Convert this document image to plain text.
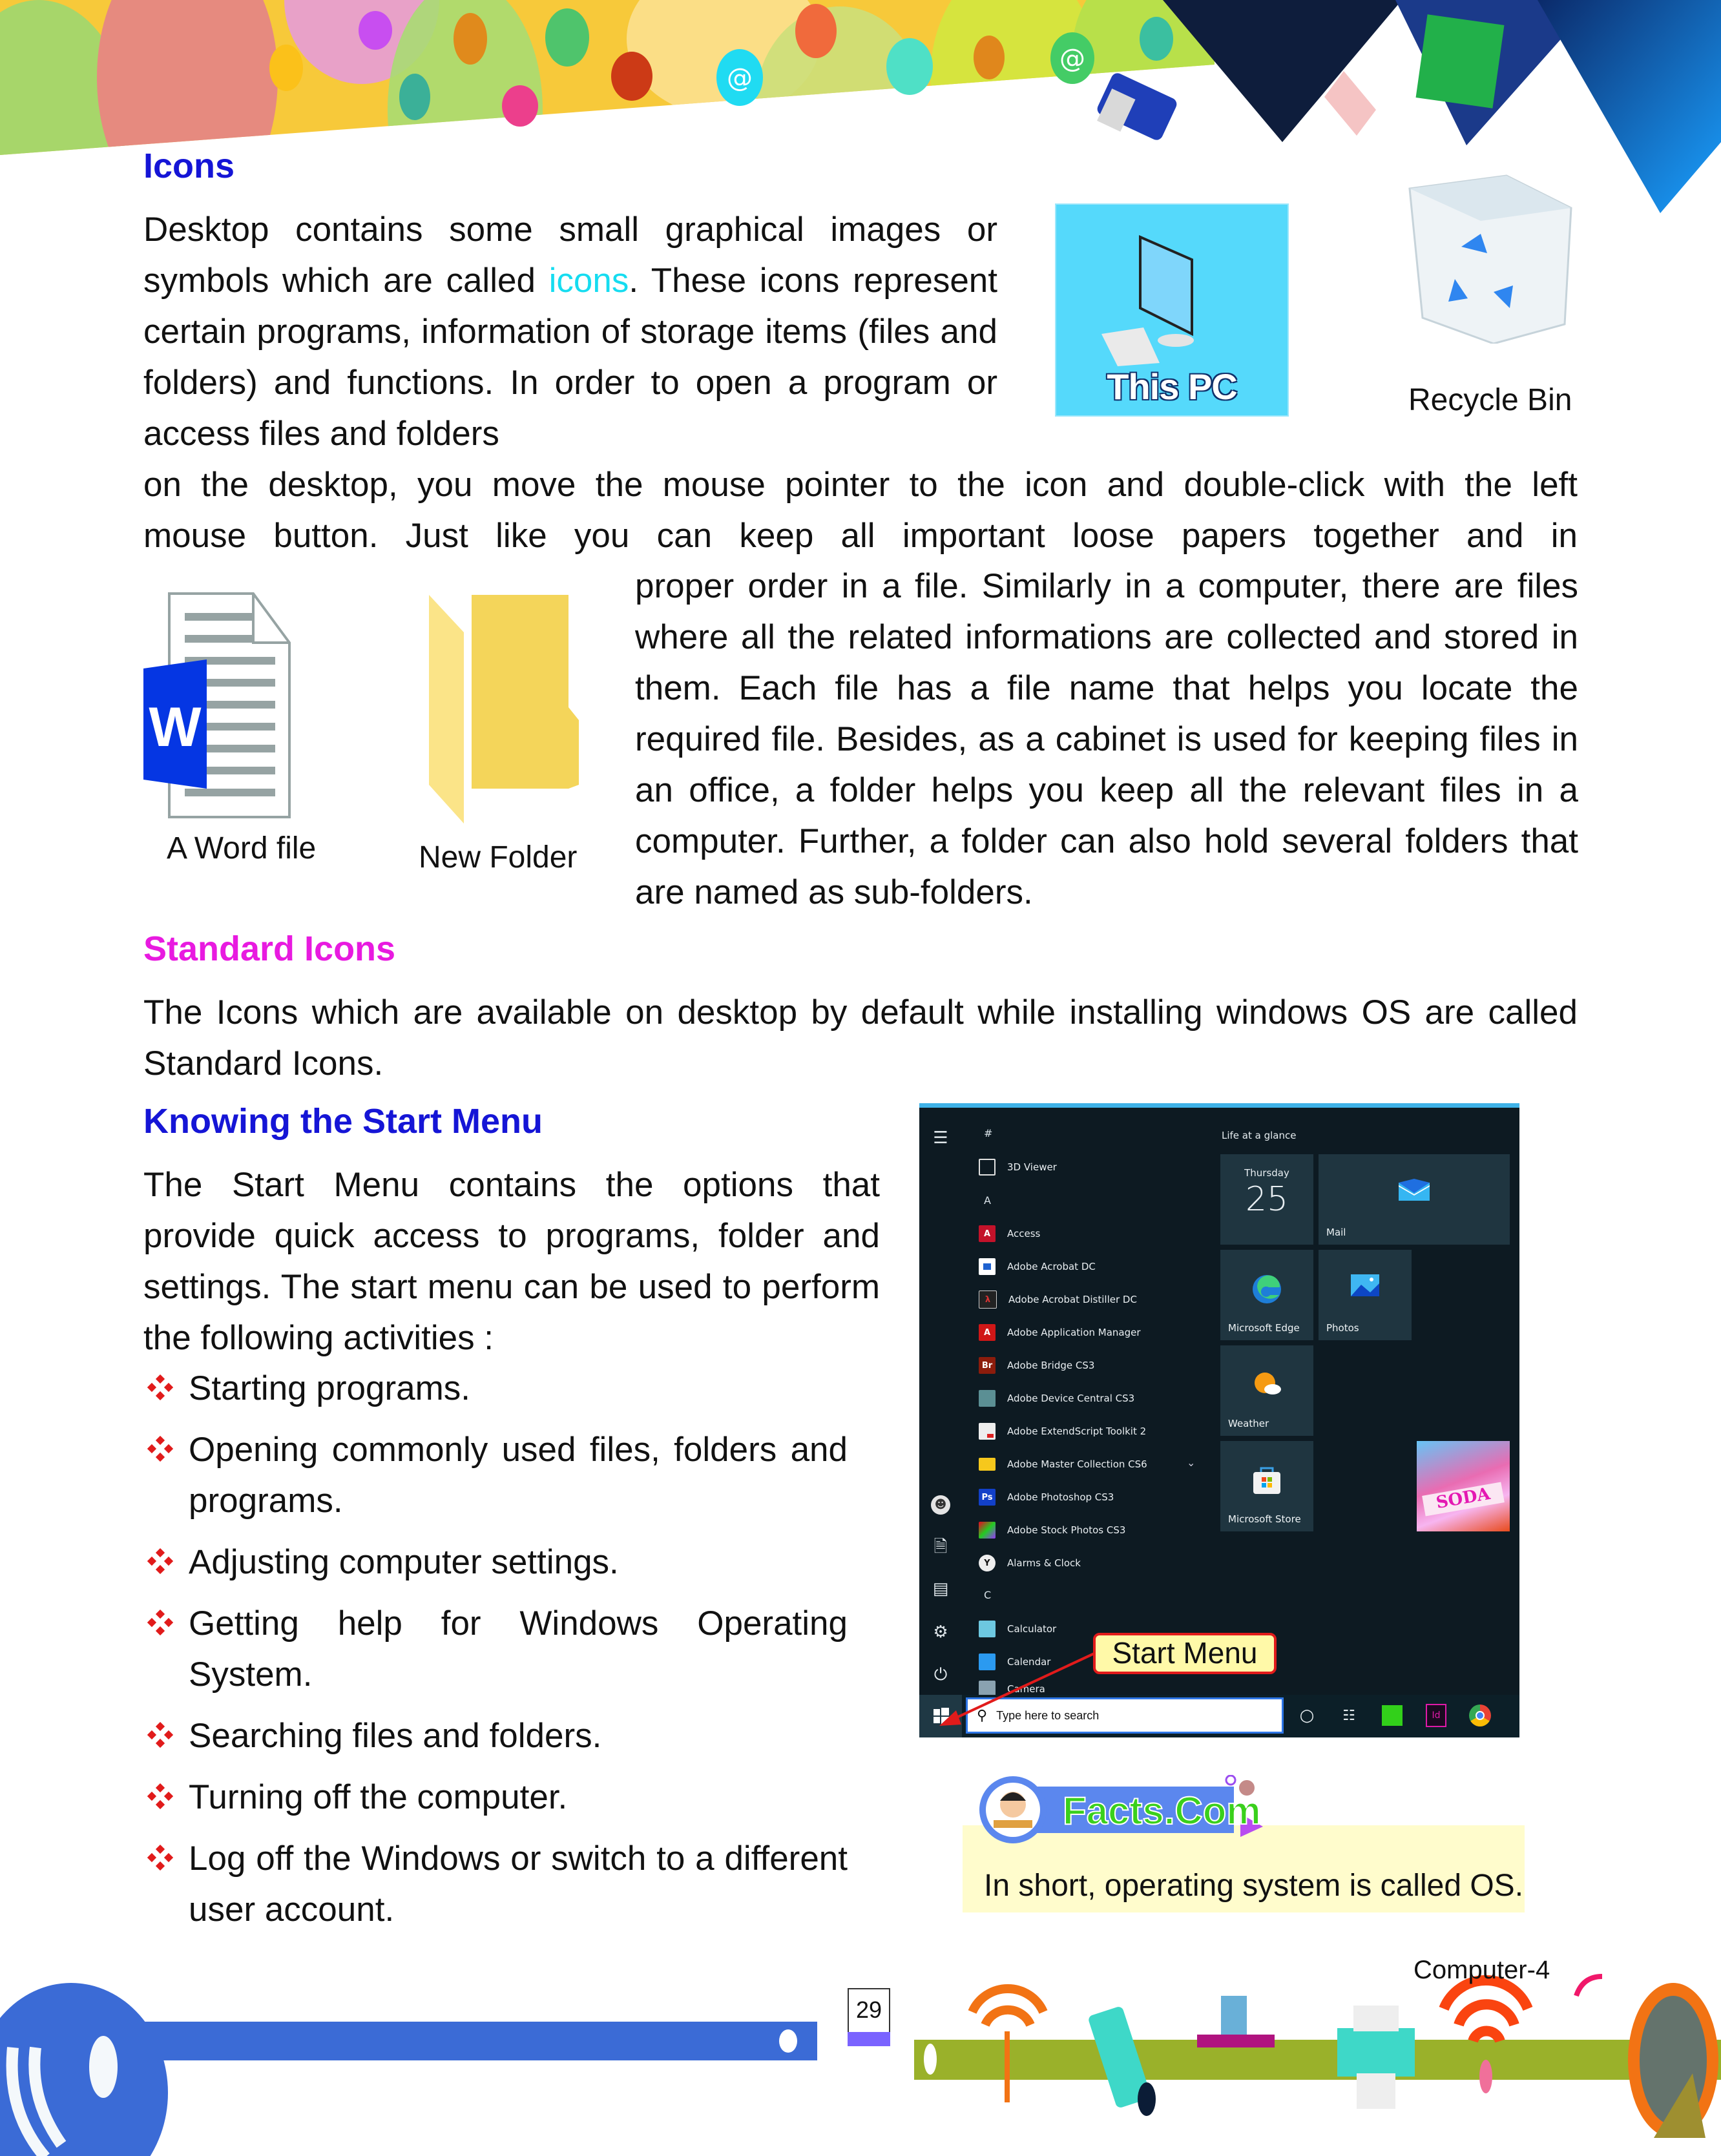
@
@
Icons
Desktop contains some small graphical images or symbols which are called icons. These icons represent certain programs, information of storage items (files and folders) and functions. In order to open a program or access files and folders
on the desktop, you move the mouse pointer to the icon and double-click with the left
mouse button. Just like you can keep all important loose papers together and in
This PC	Recycle Bin
W
A Word file	New Folder
proper order in a file. Similarly in a computer, there are files where all the related informations are collected and stored in them. Each file has a file name that helps you locate the required file. Besides, as a cabinet is used for keeping files in an office, a folder helps you keep all the relevant files in a computer. Further, a folder can also hold several folders that are named as sub-folders.
Standard Icons
The Icons which are available on desktop by default while installing windows OS are called Standard Icons.
Knowing the Start Menu
The Start Menu contains the options that provide quick access to programs, folder and settings. The start menu can be used to perform the following activities :
Starting programs.
Opening commonly used files, folders and programs.
Adjusting computer settings.
Getting help for Windows Operating System.
Searching files and folders.
Turning off the computer.
Log off the Windows or switch to a different user account.
☰
☻
🗎
▤
⚙
⏻
#
A
C
3D Viewer
A	Access
Adobe Acrobat DC
λ	Adobe Acrobat Distiller DC
A	Adobe Application Manager
Br	Adobe Bridge CS3
Adobe Device Central CS3
Adobe ExtendScript Toolkit 2
Adobe Master Collection CS6	⌄
Ps Adobe Photoshop CS3
Adobe Stock Photos CS3
Y	Alarms & Clock
Calculator
Calendar
Camera
Life at a glance
Thursday
25
Mail
Microsoft Edge	Photos
Weather
Microsoft Store
SODA
⚲ Type here to search	○	☷	Id
Start Menu
Facts.Com
In short, operating system is called OS.
29
Computer-4
